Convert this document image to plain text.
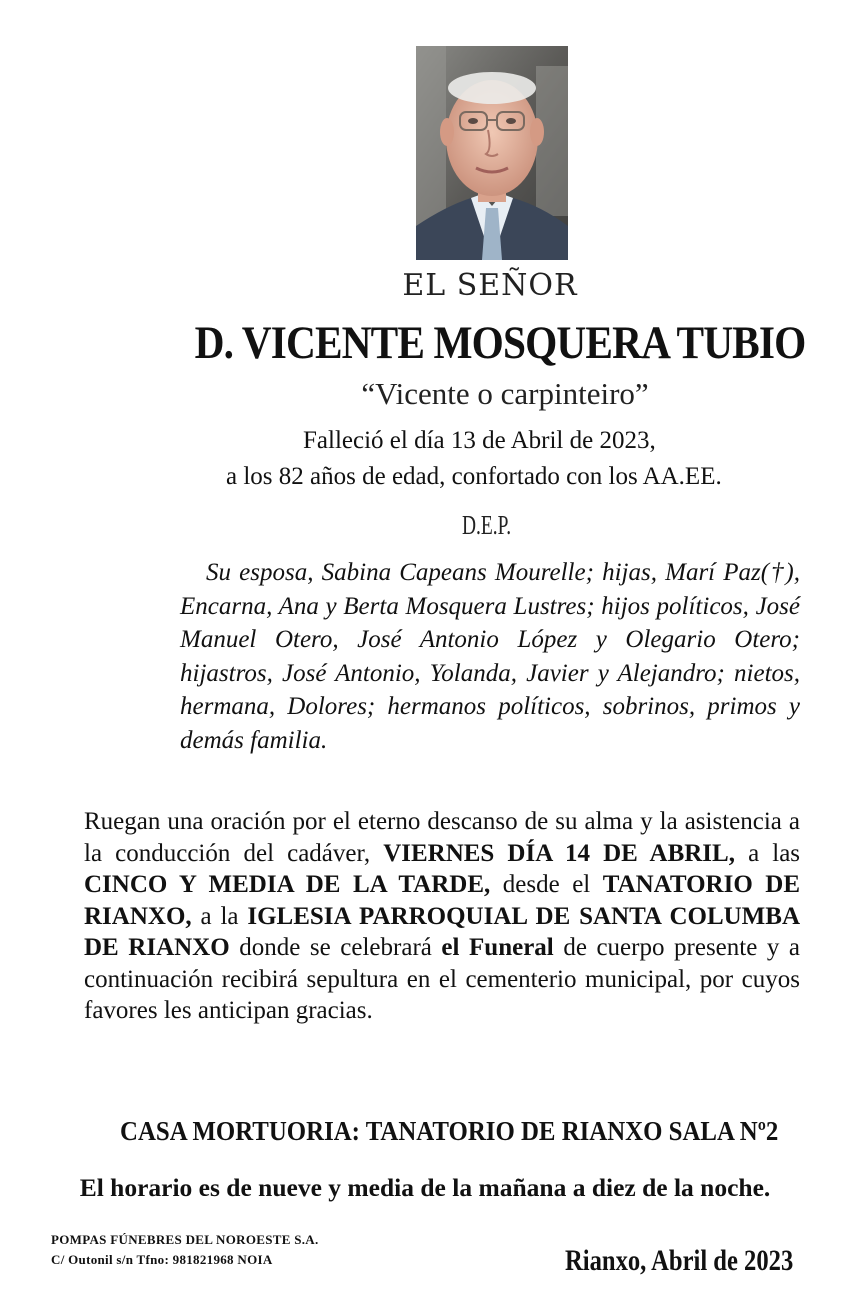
EL SEÑOR
D. VICENTE MOSQUERA TUBIO
“Vicente o carpinteiro”
Falleció el día 13 de Abril de 2023,
a los 82 años de edad, confortado con los AA.EE.
D.E.P.

Su esposa, Sabina Capeans Mourelle; hijas, Marí Paz(†), Encarna, Ana y Berta Mosquera Lustres; hijos políticos, José Manuel Otero, José Antonio López y Olegario Otero; hijastros, José Antonio, Yolanda, Javier y Alejandro; nietos, hermana, Dolores; hermanos políticos, sobrinos, primos y demás familia.

Ruegan una oración por el eterno descanso de su alma y la asistencia a la conducción del cadáver, VIERNES DÍA 14 DE ABRIL, a las CINCO Y MEDIA DE LA TARDE, desde el TANATORIO DE RIANXO, a la IGLESIA PARROQUIAL DE SANTA COLUMBA DE RIANXO donde se celebrará el Funeral de cuerpo presente y a continuación recibirá sepultura en el cementerio municipal, por cuyos favores les anticipan gracias.

CASA MORTUORIA: TANATORIO DE RIANXO SALA Nº2
El horario es de nueve y media de la mañana a diez de la noche.
POMPAS FÚNEBRES DEL NOROESTE S.A.
C/ Outonil s/n Tfno: 981821968 NOIA	Rianxo, Abril de 2023
